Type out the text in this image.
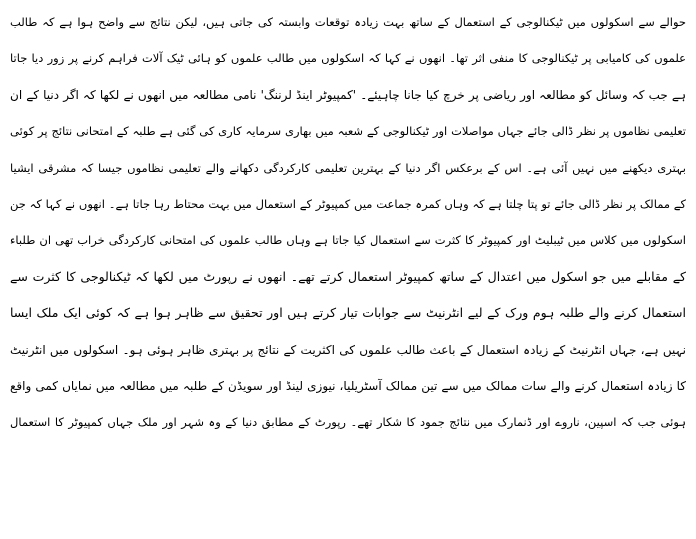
حوالے سے اسکولوں میں ٹیکنالوجی کے استعمال کے ساتھ بہت زیادہ توقعات وابستہ کی جاتی ہیں، لیکن نتائج سے واضح ہوا ہے کہ طالب
علموں کی کامیابی پر ٹیکنالوجی کا منفی اثر تھا۔ انھوں نے کہا کہ اسکولوں میں طالب علموں کو ہائی ٹیک آلات فراہم کرنے پر زور دیا جاتا
ہے جب کہ وسائل کو مطالعہ اور ریاضی پر خرچ کیا جانا چاہیئے۔ 'کمپیوٹر اینڈ لرننگ' نامی مطالعہ میں انھوں نے لکھا کہ اگر دنیا کے ان
تعلیمی نظاموں پر نظر ڈالی جائے جہاں مواصلات اور ٹیکنالوجی کے شعبہ میں بھاری سرمایہ کاری کی گئی ہے طلبہ کے امتحانی نتائج پر کوئی
بہتری دیکھنے میں نہیں آئی ہے۔ اس کے برعکس اگر دنیا کے بہترین تعلیمی کارکردگی دکھانے والے تعلیمی نظاموں جیسا کہ مشرقی ایشیا
کے ممالک پر نظر ڈالی جائے تو پتا چلتا ہے کہ وہاں کمرہ جماعت میں کمپیوٹر کے استعمال میں بہت محتاط رہا جاتا ہے۔ انھوں نے کہا کہ جن
اسکولوں میں کلاس میں ٹیبلیٹ اور کمپیوٹر کا کثرت سے استعمال کیا جاتا ہے وہاں طالب علموں کی امتحانی کارکردگی خراب تھی ان طلباء
کے مقابلے میں جو اسکول میں اعتدال کے ساتھ کمپیوٹر استعمال کرتے تھے۔ انھوں نے رپورٹ میں لکھا کہ ٹیکنالوجی کا کثرت سے
استعمال کرنے والے طلبہ ہوم ورک کے لیے انٹرنیٹ سے جوابات تیار کرتے ہیں اور تحقیق سے ظاہر ہوا ہے کہ کوئی ایک ملک ایسا
نہیں ہے، جہاں انٹرنیٹ کے زیادہ استعمال کے باعث طالب علموں کی اکثریت کے نتائج پر بہتری ظاہر ہوئی ہو۔ اسکولوں میں انٹرنیٹ
کا زیادہ استعمال کرنے والے سات ممالک میں سے تین ممالک آسٹریلیا، نیوزی لینڈ اور سویڈن کے طلبہ میں مطالعہ میں نمایاں کمی واقع
ہوئی جب کہ اسپین، ناروے اور ڈنمارک میں نتائج جمود کا شکار تھے۔ رپورٹ کے مطابق دنیا کے وہ شہر اور ملک جہاں کمپیوٹر کا استعمال
